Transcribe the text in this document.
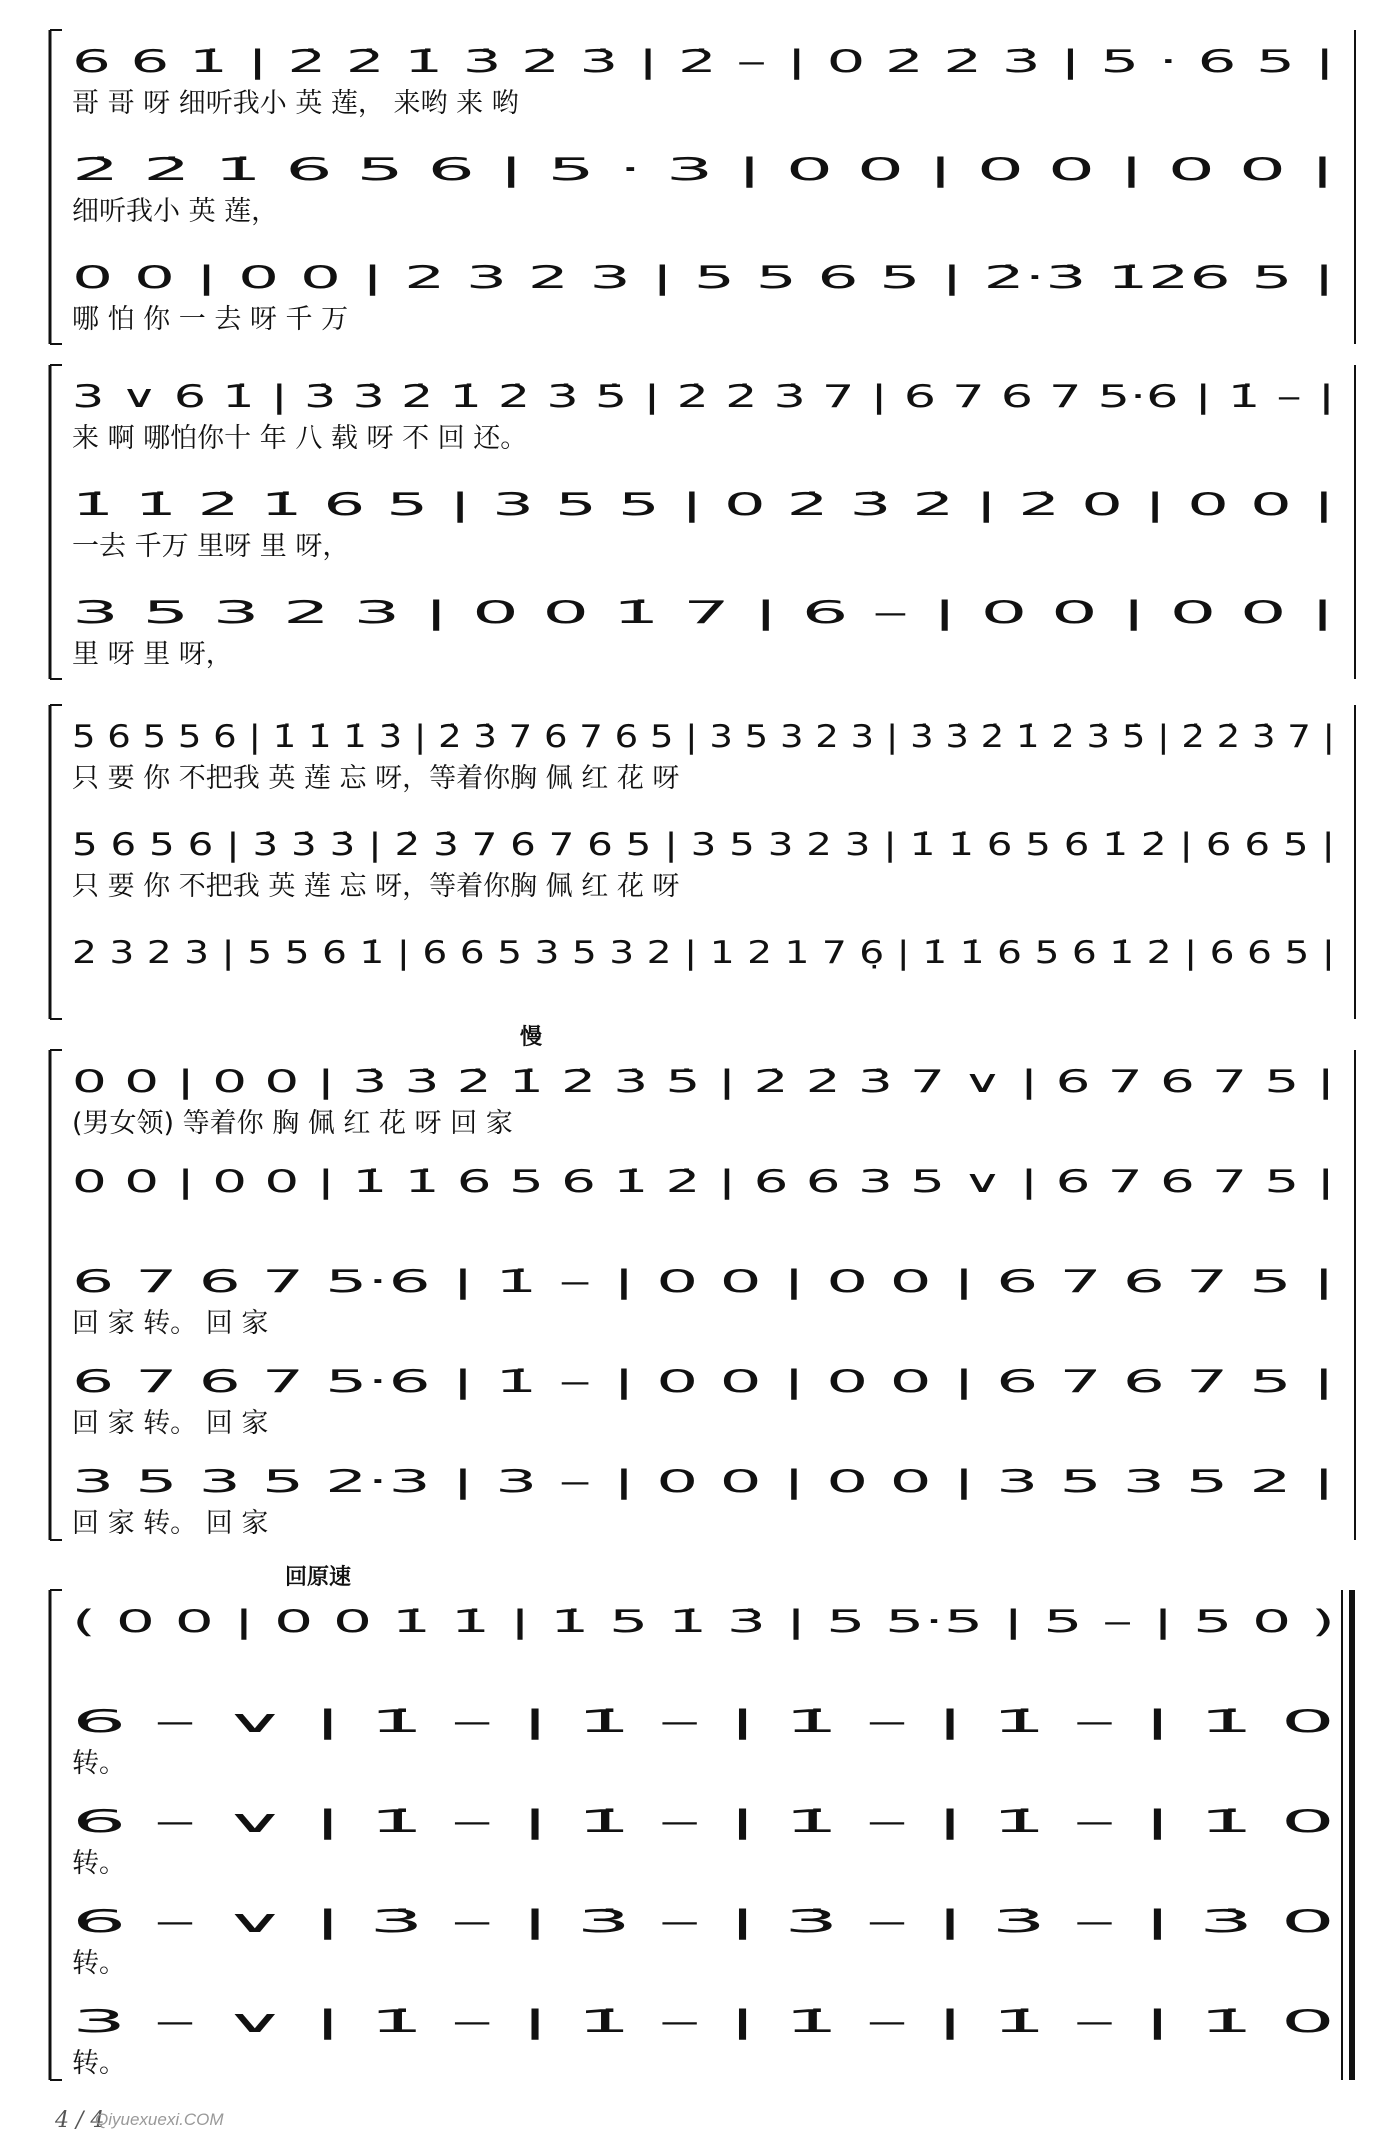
6 6 1̇ | 2̇ 2̇ 1̇ 3̇ 2̇ 3̇ | 2̇ – | 0 2̇ 2̇ 3̇ | 5 · 6 5 |
哥 哥 呀 细听我小 英 莲， 来哟 来 哟
2̇ 2̇ 1̇ 6 5 6 | 5 · 3 | 0 0 | 0 0 | 0 0 |
细听我小 英 莲，
0 0 | 0 0 | 2 3 2 3 | 5 5 6 5 | 2̇·3̇ 1̇2̇6 5 |
哪 怕 你 一 去 呀 千 万
3 ∨ 6 1̇ | 3̇ 3̇ 2̇ 1̇ 2̇ 3̇ 5̇ | 2̇ 2̇ 3̇ 7 | 6 7 6 7 5·6 | 1̇ – |
来 啊 哪怕你十 年 八 载 呀 不 回 还。
1̇ 1̇ 2̇ 1̇ 6 5 | 3 5 5 | 0 2̇ 3̇ 2̇ | 2̇ 0 | 0 0 |
一去 千万 里呀 里 呀，
3 5 3 2 3 | 0 0 1̇ 7 | 6 – | 0 0 | 0 0 |
里 呀 里 呀，
5 6 5 5 6 | 1̇ 1̇ 1̇ 3̇ | 2̇ 3̇ 7 6 7 6 5 | 3 5 3 2 3 | 3̇ 3̇ 2̇ 1̇ 2̇ 3̇ 5̇ | 2̇ 2̇ 3̇ 7 |
只 要 你 不把我 英 莲 忘 呀，等着你胸 佩 红 花 呀
5 6 5 6 | 3̇ 3̇ 3̇ | 2̇ 3̇ 7 6 7 6 5 | 3 5 3 2 3 | 1̇ 1̇ 6 5 6 1̇ 2̇ | 6 6 5 |
只 要 你 不把我 英 莲 忘 呀，等着你胸 佩 红 花 呀
2 3 2 3 | 5 5 6 1̇ | 6 6 5 3 5 3 2 | 1 2 1 7 6̣ | 1̇ 1̇ 6 5 6 1̇ 2̇ | 6 6 5 |
慢
0 0 | 0 0 | 3̇ 3̇ 2̇ 1̇ 2̇ 3̇ 5̇ | 2̇ 2̇ 3̇ 7 ∨ | 6 7 6 7 5 |
(男女领) 等着你 胸 佩 红 花 呀 回 家
0 0 | 0 0 | 1̇ 1̇ 6 5 6 1̇ 2̇ | 6 6 3 5 ∨ | 6 7 6 7 5 |
6 7 6 7 5·6 | 1̇ – | 0 0 | 0 0 | 6 7 6 7 5 |
回 家 转。 回 家
6 7 6 7 5·6 | 1̇ – | 0 0 | 0 0 | 6 7 6 7 5 |
回 家 转。 回 家
3 5 3 5 2·3 | 3 – | 0 0 | 0 0 | 3 5 3 5 2 |
回 家 转。 回 家
回原速
( 0 0 | 0 0 1̇ 1̇ | 1̇ 5 1̇ 3̇ | 5 5·5 | 5 – | 5 0 )
6 – ∨ | 1̇ – | 1̇ – | 1̇ – | 1̇ – | 1̇ 0
转。
6 – ∨ | 1̇ – | 1̇ – | 1̇ – | 1̇ – | 1̇ 0
转。
6 – ∨ | 3̇ – | 3̇ – | 3̇ – | 3̇ – | 3̇ 0
转。
3 – ∨ | 1̇ – | 1̇ – | 1̇ – | 1̇ – | 1̇ 0
转。
4 / 4
Qiyuexuexi.COM
